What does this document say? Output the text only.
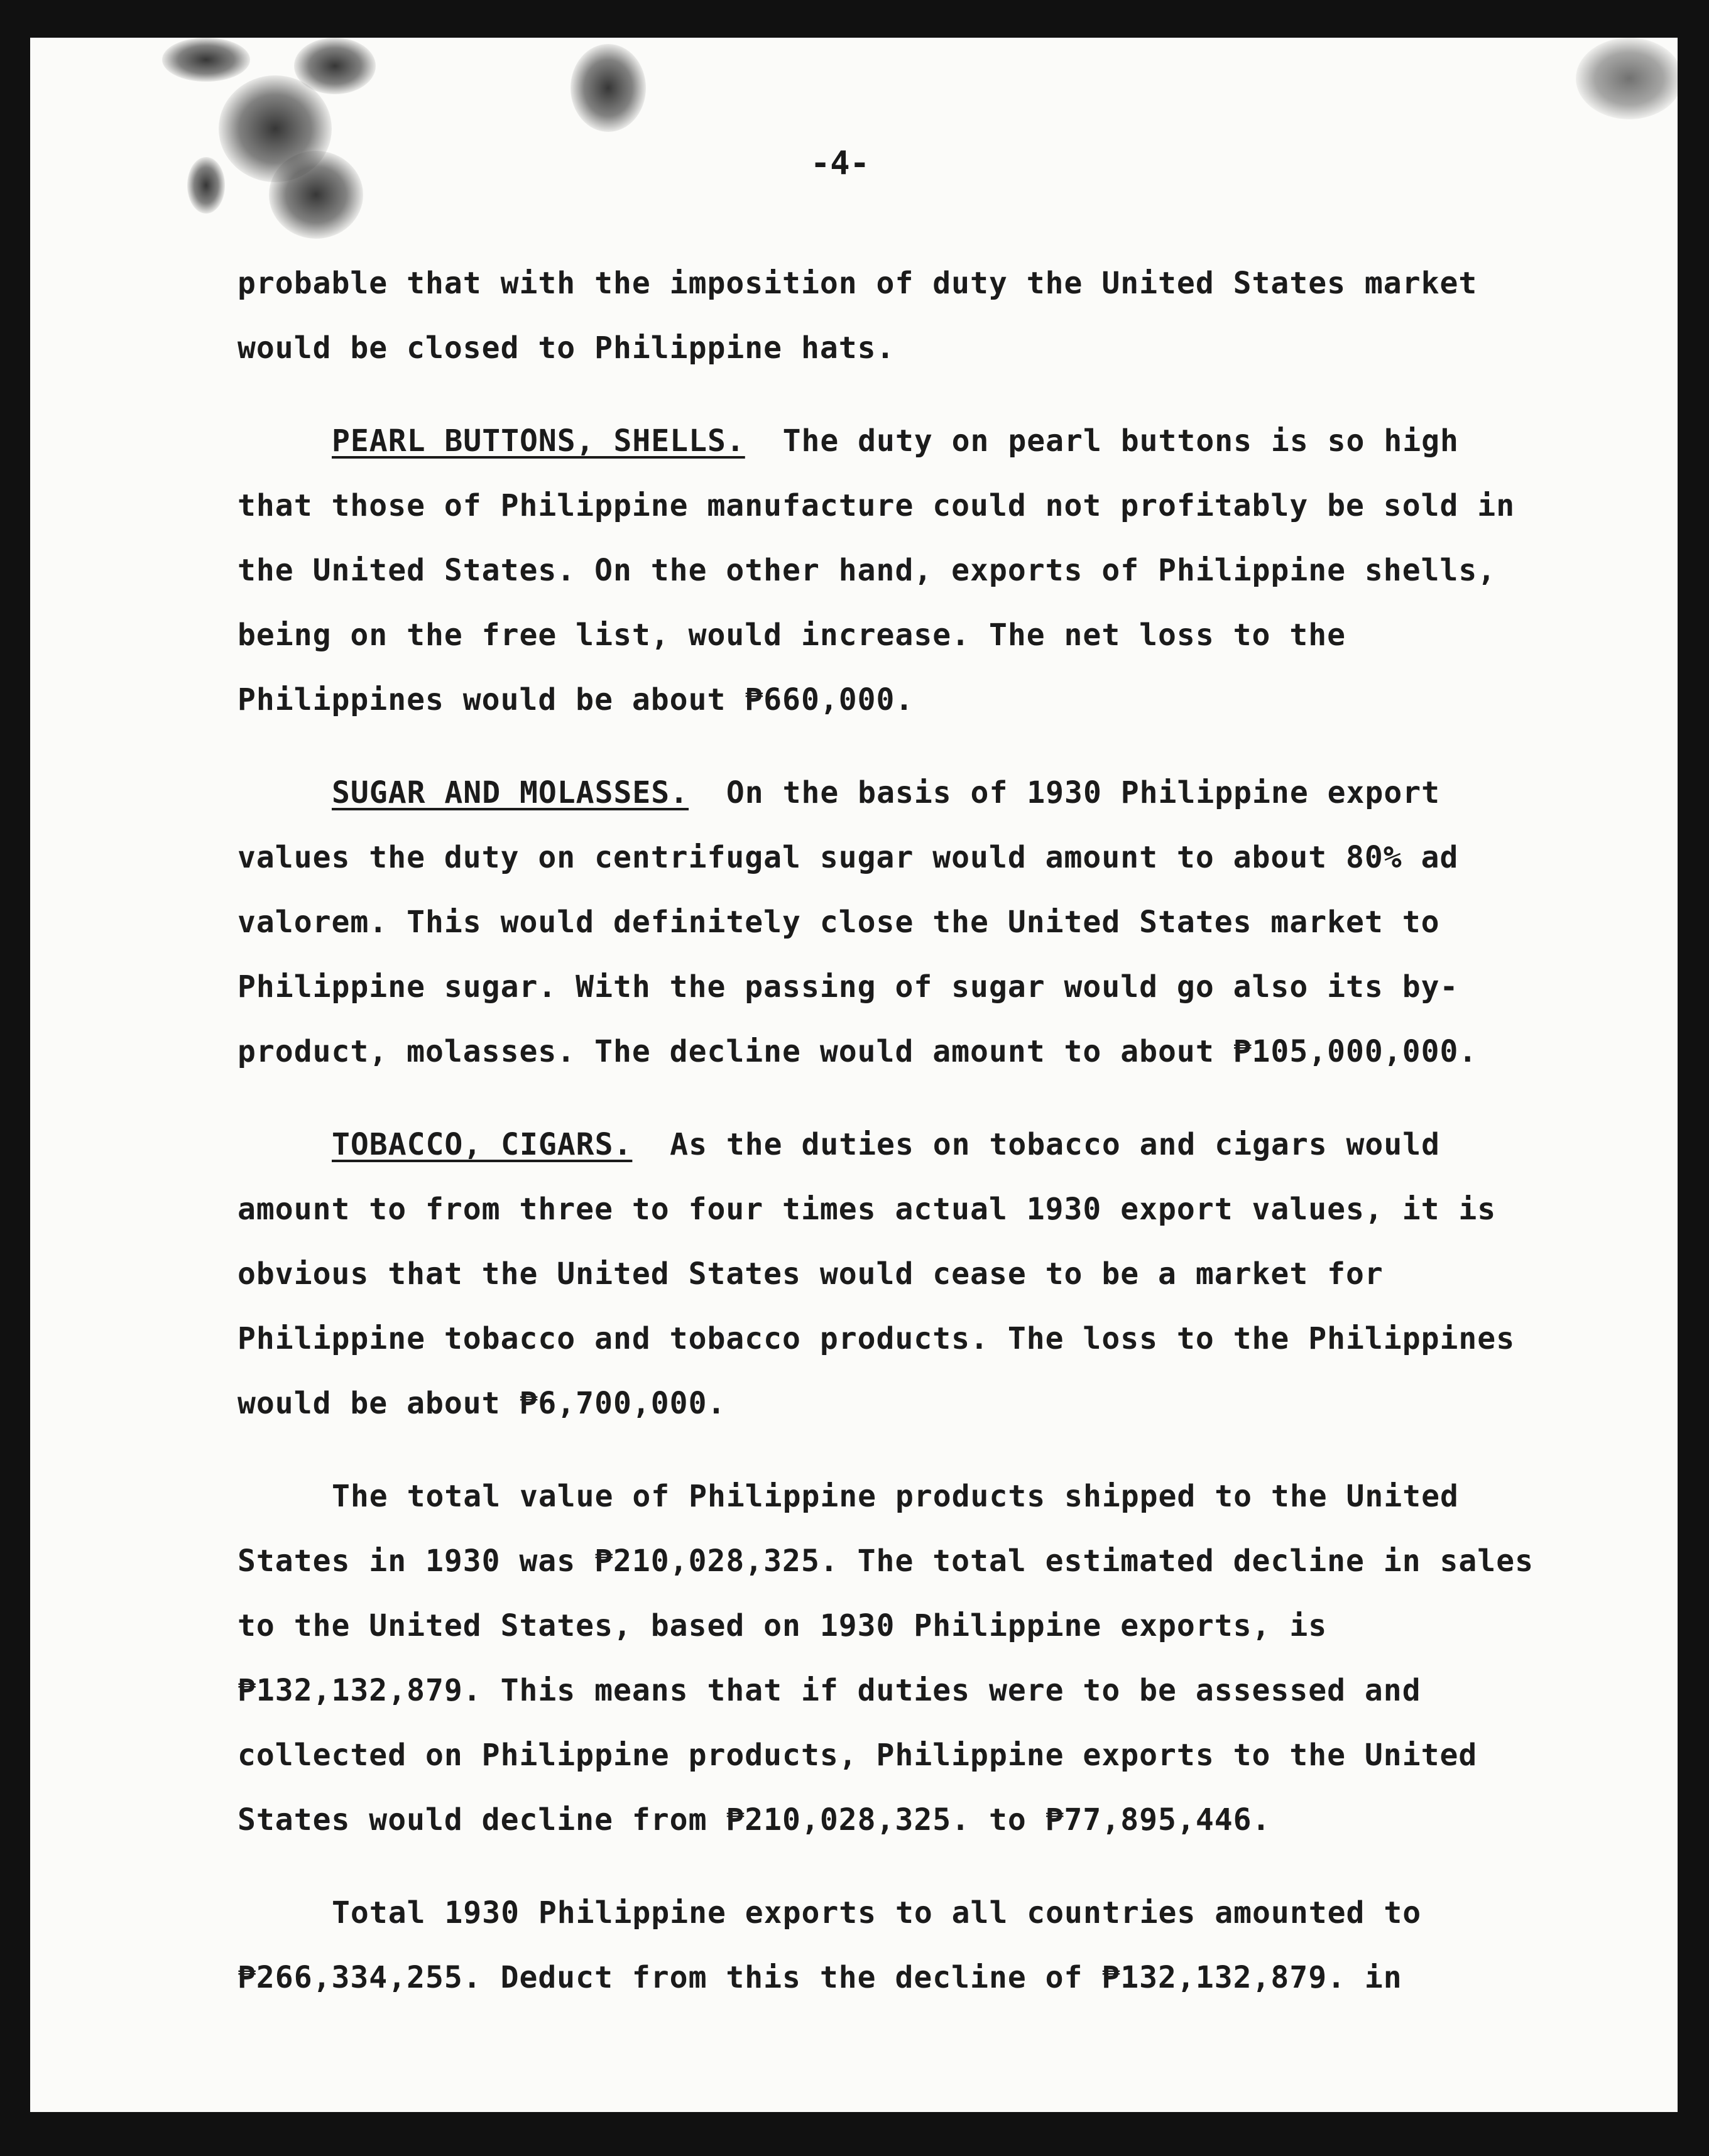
-4-

probable that with the imposition of duty the United States market would be closed to Philippine hats.

PEARL BUTTONS, SHELLS. The duty on pearl buttons is so high that those of Philippine manufacture could not profitably be sold in the United States. On the other hand, exports of Philippine shells, being on the free list, would increase. The net loss to the Philippines would be about ₱660,000.

SUGAR AND MOLASSES. On the basis of 1930 Philippine export values the duty on centrifugal sugar would amount to about 80% ad valorem. This would definitely close the United States market to Philippine sugar. With the passing of sugar would go also its by-product, molasses. The decline would amount to about ₱105,000,000.

TOBACCO, CIGARS. As the duties on tobacco and cigars would amount to from three to four times actual 1930 export values, it is obvious that the United States would cease to be a market for Philippine tobacco and tobacco products. The loss to the Philippines would be about ₱6,700,000.

The total value of Philippine products shipped to the United States in 1930 was ₱210,028,325. The total estimated decline in sales to the United States, based on 1930 Philippine exports, is ₱132,132,879. This means that if duties were to be assessed and collected on Philippine products, Philippine exports to the United States would decline from ₱210,028,325. to ₱77,895,446.

Total 1930 Philippine exports to all countries amounted to ₱266,334,255. Deduct from this the decline of ₱132,132,879. in
